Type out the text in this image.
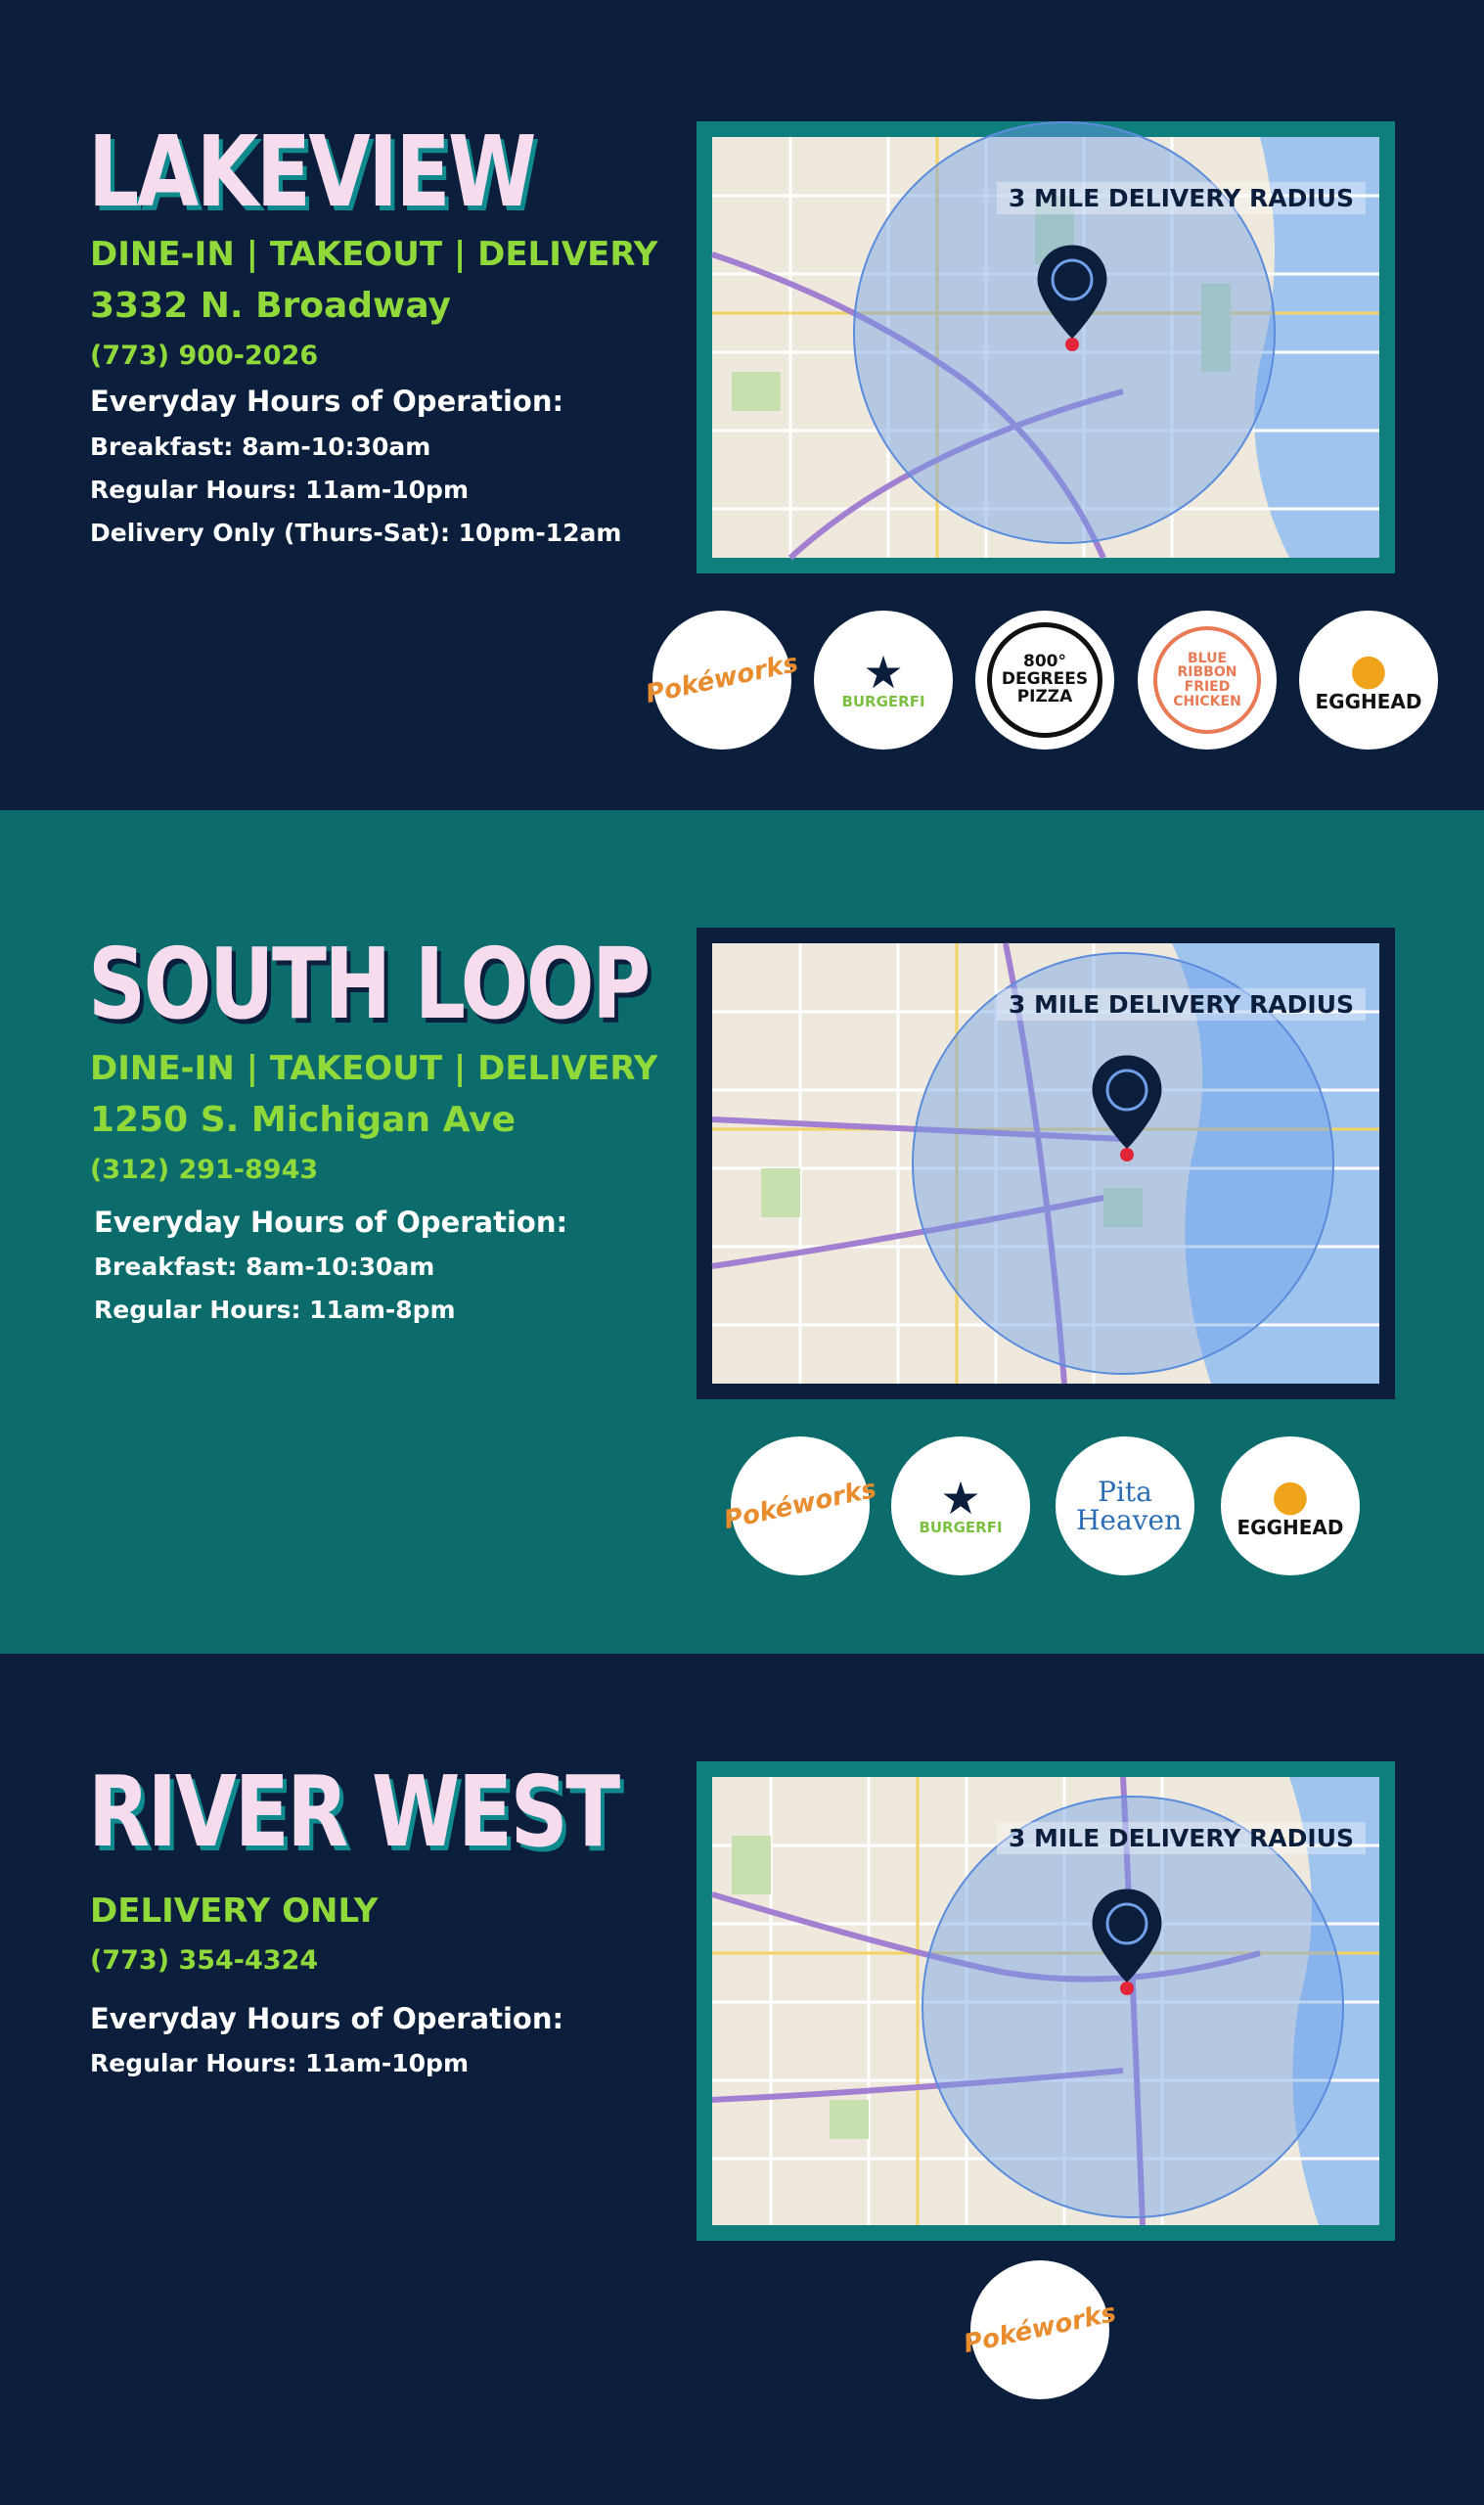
LAKEVIEW
DINE-IN | TAKEOUT | DELIVERY
3332 N. Broadway
(773) 900-2026
Everyday Hours of Operation:
Breakfast: 8am-10:30am
Regular Hours: 11am-10pm
Delivery Only (Thurs-Sat): 10pm-12am
3 MILE DELIVERY RADIUS
Pokéworks ★
BURGERFI
800° DEGREES PIZZA
BLUE RIBBON FRIED CHICKEN
●
EGGHEAD
SOUTH LOOP
DINE-IN | TAKEOUT | DELIVERY
1250 S. Michigan Ave
(312) 291-8943
Everyday Hours of Operation:
Breakfast: 8am-10:30am
Regular Hours: 11am-8pm
3 MILE DELIVERY RADIUS
Pokéworks ★
BURGERFI
Pita Heaven ●
EGGHEAD
RIVER WEST
DELIVERY ONLY
(773) 354-4324
Everyday Hours of Operation:
Regular Hours: 11am-10pm
3 MILE DELIVERY RADIUS
Pokéworks
